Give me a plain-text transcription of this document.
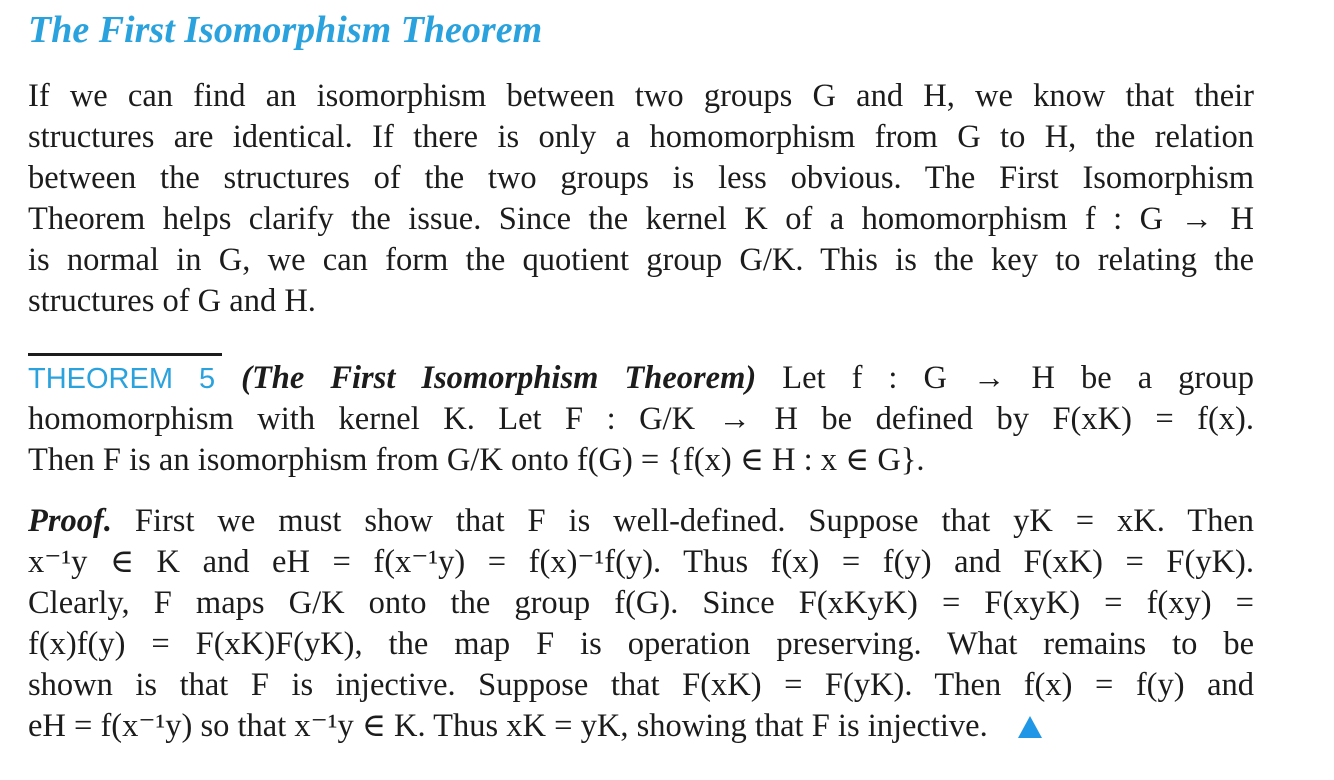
The First Isomorphism Theorem
If we can find an isomorphism between two groups G and H, we know that their
structures are identical. If there is only a homomorphism from G to H, the relation
between the structures of the two groups is less obvious. The First Isomorphism
Theorem helps clarify the issue. Since the kernel K of a homomorphism f : G → H
is normal in G, we can form the quotient group G/K. This is the key to relating the
structures of G and H.
THEOREM 5 (The First Isomorphism Theorem) Let f : G → H be a group
homomorphism with kernel K. Let F : G/K → H be defined by F(xK) = f(x).
Then F is an isomorphism from G/K onto f(G) = {f(x) ∈ H : x ∈ G}.
Proof. First we must show that F is well-defined. Suppose that yK = xK. Then
x⁻¹y ∈ K and eH = f(x⁻¹y) = f(x)⁻¹f(y). Thus f(x) = f(y) and F(xK) = F(yK).
Clearly, F maps G/K onto the group f(G). Since F(xKyK) = F(xyK) = f(xy) =
f(x)f(y) = F(xK)F(yK), the map F is operation preserving. What remains to be
shown is that F is injective. Suppose that F(xK) = F(yK). Then f(x) = f(y) and
eH = f(x⁻¹y) so that x⁻¹y ∈ K. Thus xK = yK, showing that F is injective.
